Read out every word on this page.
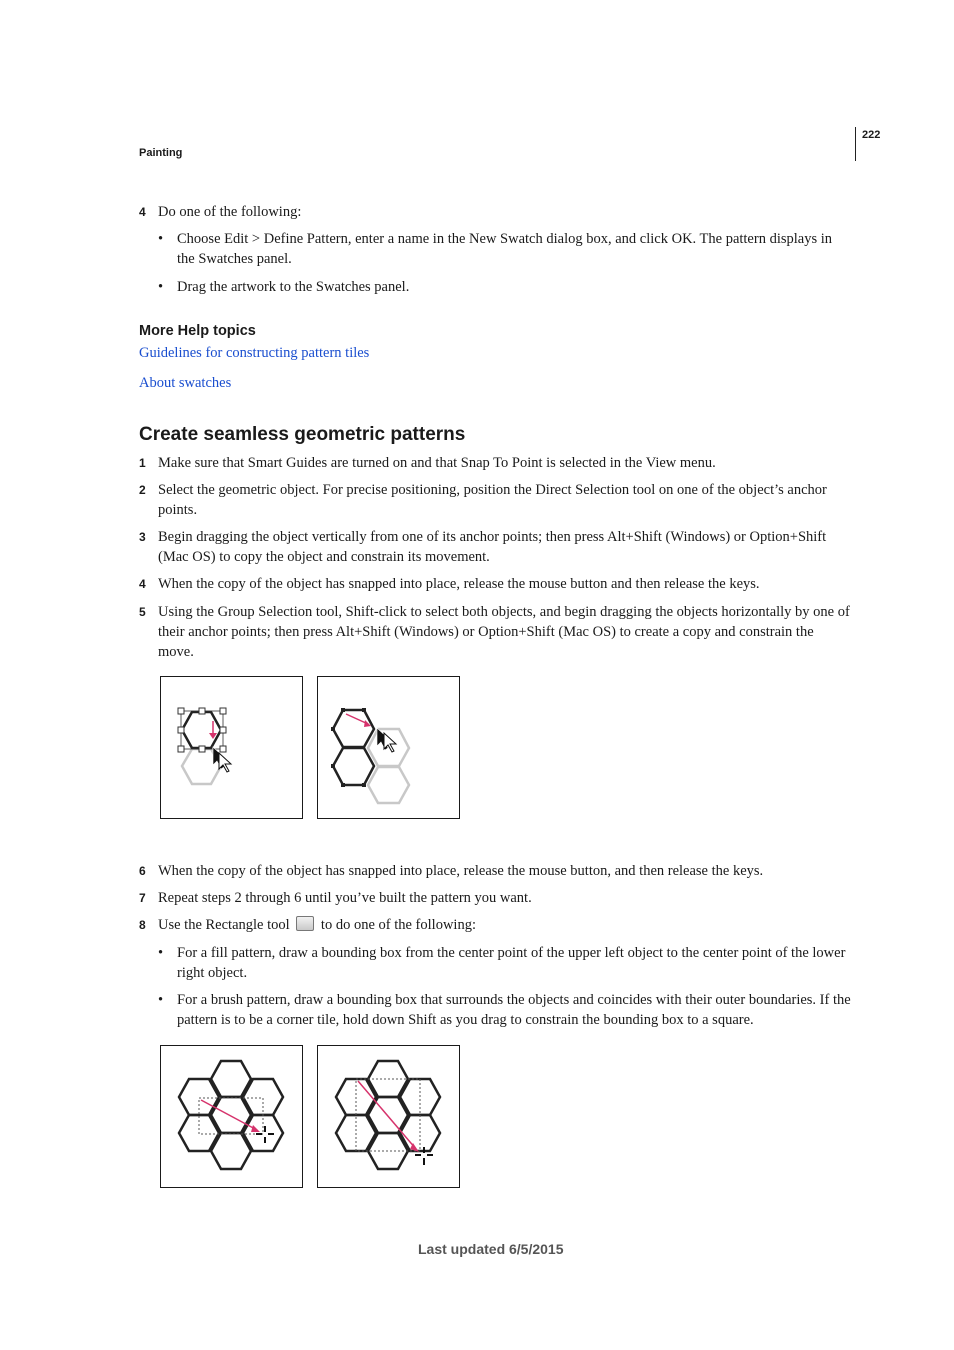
Painting
222
4 Do one of the following:
• Choose Edit > Define Pattern, enter a name in the New Swatch dialog box, and click OK. The pattern displays in the Swatches panel.
• Drag the artwork to the Swatches panel.
More Help topics
Guidelines for constructing pattern tiles
About swatches
Create seamless geometric patterns
1 Make sure that Smart Guides are turned on and that Snap To Point is selected in the View menu.
2 Select the geometric object. For precise positioning, position the Direct Selection tool on one of the object’s anchor points.
3 Begin dragging the object vertically from one of its anchor points; then press Alt+Shift (Windows) or Option+Shift (Mac OS) to copy the object and constrain its movement.
4 When the copy of the object has snapped into place, release the mouse button and then release the keys.
5 Using the Group Selection tool, Shift-click to select both objects, and begin dragging the objects horizontally by one of their anchor points; then press Alt+Shift (Windows) or Option+Shift (Mac OS) to create a copy and constrain the move.
6 When the copy of the object has snapped into place, release the mouse button, and then release the keys.
7 Repeat steps 2 through 6 until you’ve built the pattern you want.
8 Use the Rectangle tool to do one of the following:
• For a fill pattern, draw a bounding box from the center point of the upper left object to the center point of the lower right object.
• For a brush pattern, draw a bounding box that surrounds the objects and coincides with their outer boundaries. If the pattern is to be a corner tile, hold down Shift as you drag to constrain the bounding box to a square.
Last updated 6/5/2015
